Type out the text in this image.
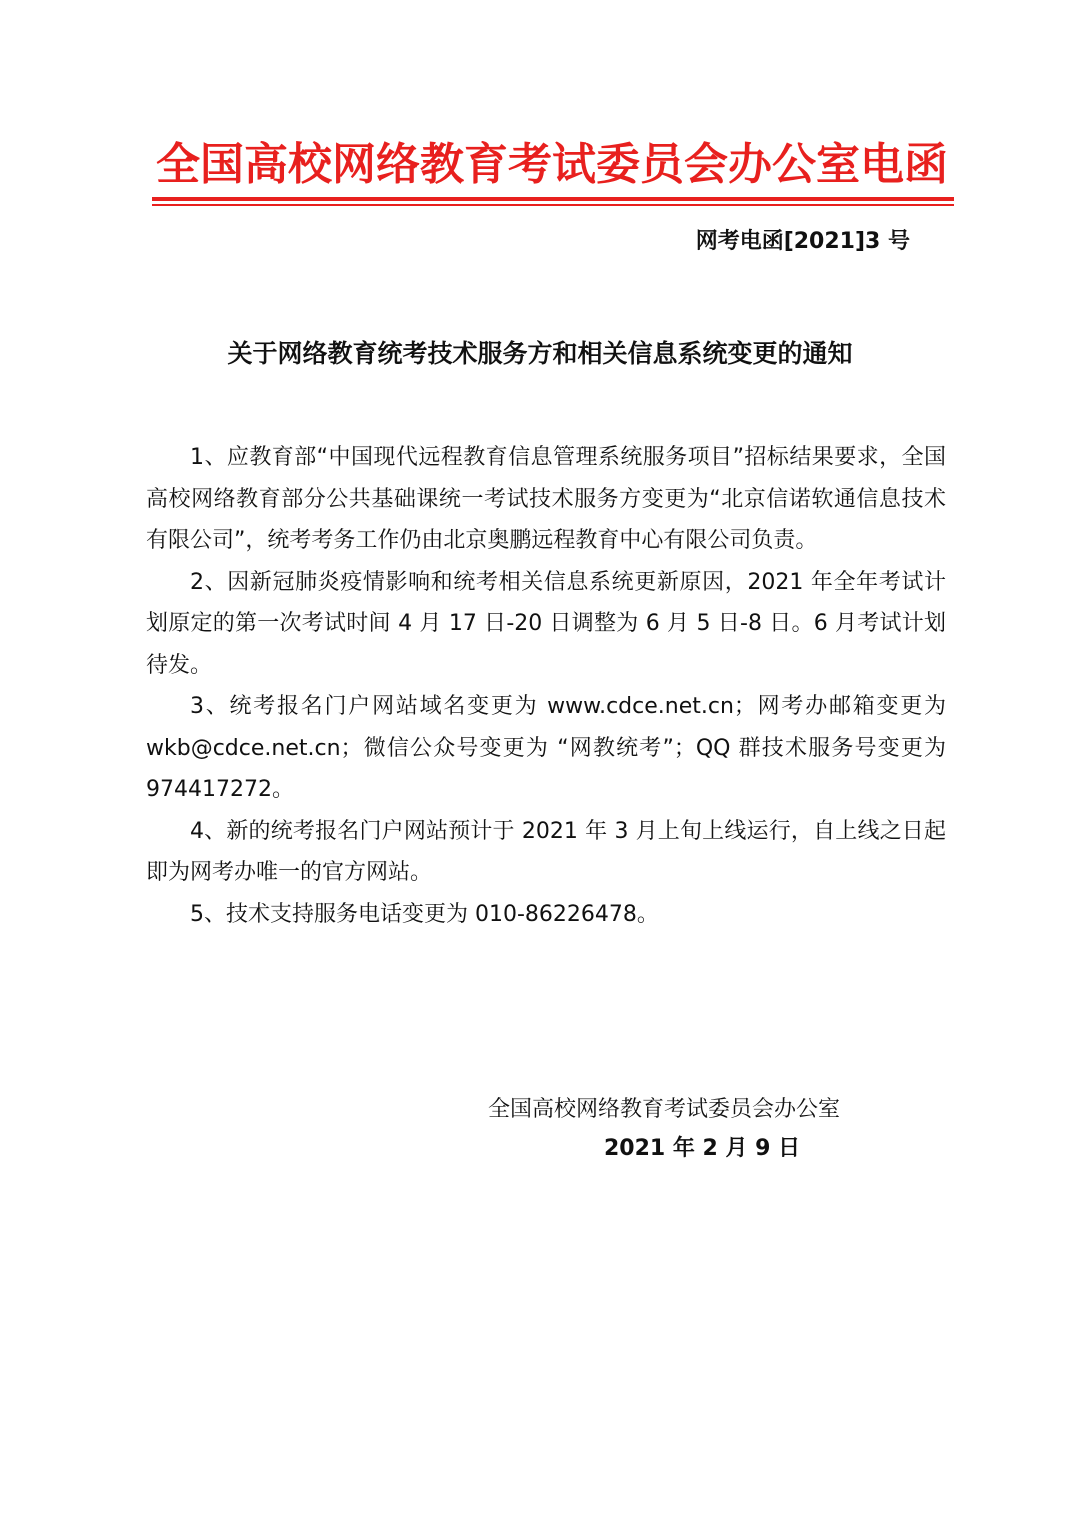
全国高校网络教育考试委员会办公室电函
网考电函[2021]3 号
关于网络教育统考技术服务方和相关信息系统变更的通知

1、应教育部“中国现代远程教育信息管理系统服务项目”招标结果要求，全国高校网络教育部分公共基础课统一考试技术服务方变更为“北京信诺软通信息技术有限公司”，统考考务工作仍由北京奥鹏远程教育中心有限公司负责。

2、因新冠肺炎疫情影响和统考相关信息系统更新原因，2021 年全年考试计划原定的第一次考试时间 4 月 17 日-20 日调整为 6 月 5 日-8 日。6 月考试计划待发。

3、统考报名门户网站域名变更为 www.cdce.net.cn；网考办邮箱变更为 wkb@cdce.net.cn；微信公众号变更为 “网教统考”；QQ 群技术服务号变更为 974417272。

4、新的统考报名门户网站预计于 2021 年 3 月上旬上线运行，自上线之日起即为网考办唯一的官方网站。

5、技术支持服务电话变更为 010-86226478。

全国高校网络教育考试委员会办公室
2021 年 2 月 9 日
